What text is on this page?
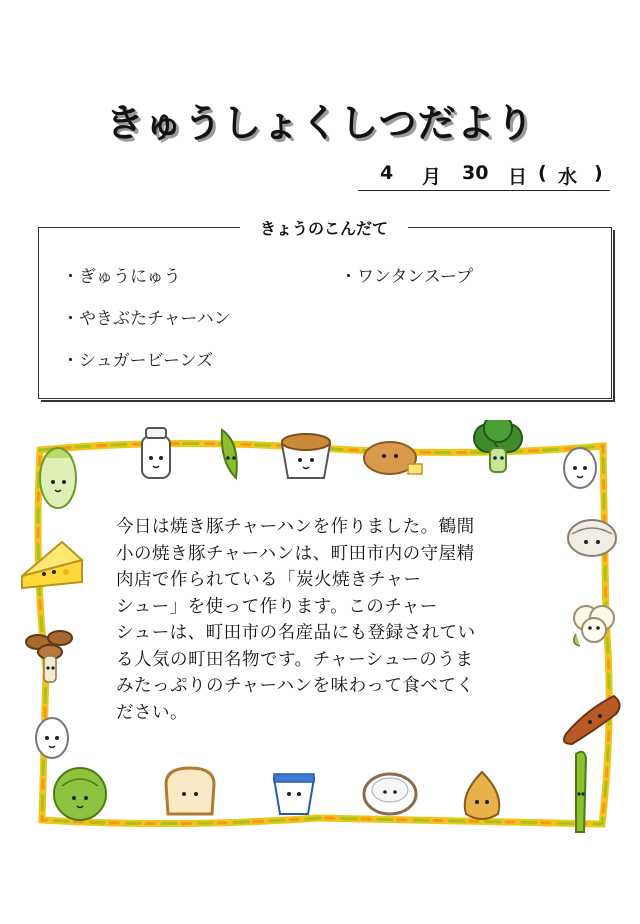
きゅうしょくしつだより
4 月 30 日 ( 水 )
きょうのこんだて
・ぎゅうにゅう	・ワンタンスープ
・やきぶたチャーハン
・シュガービーンズ
今日は焼き豚チャーハンを作りました。鶴間
小の焼き豚チャーハンは、町田市内の守屋精
肉店で作られている「炭火焼きチャー
シュー」を使って作ります。このチャー
シューは、町田市の名産品にも登録されてい
る人気の町田名物です。チャーシューのうま
みたっぷりのチャーハンを味わって食べてく
ださい。
